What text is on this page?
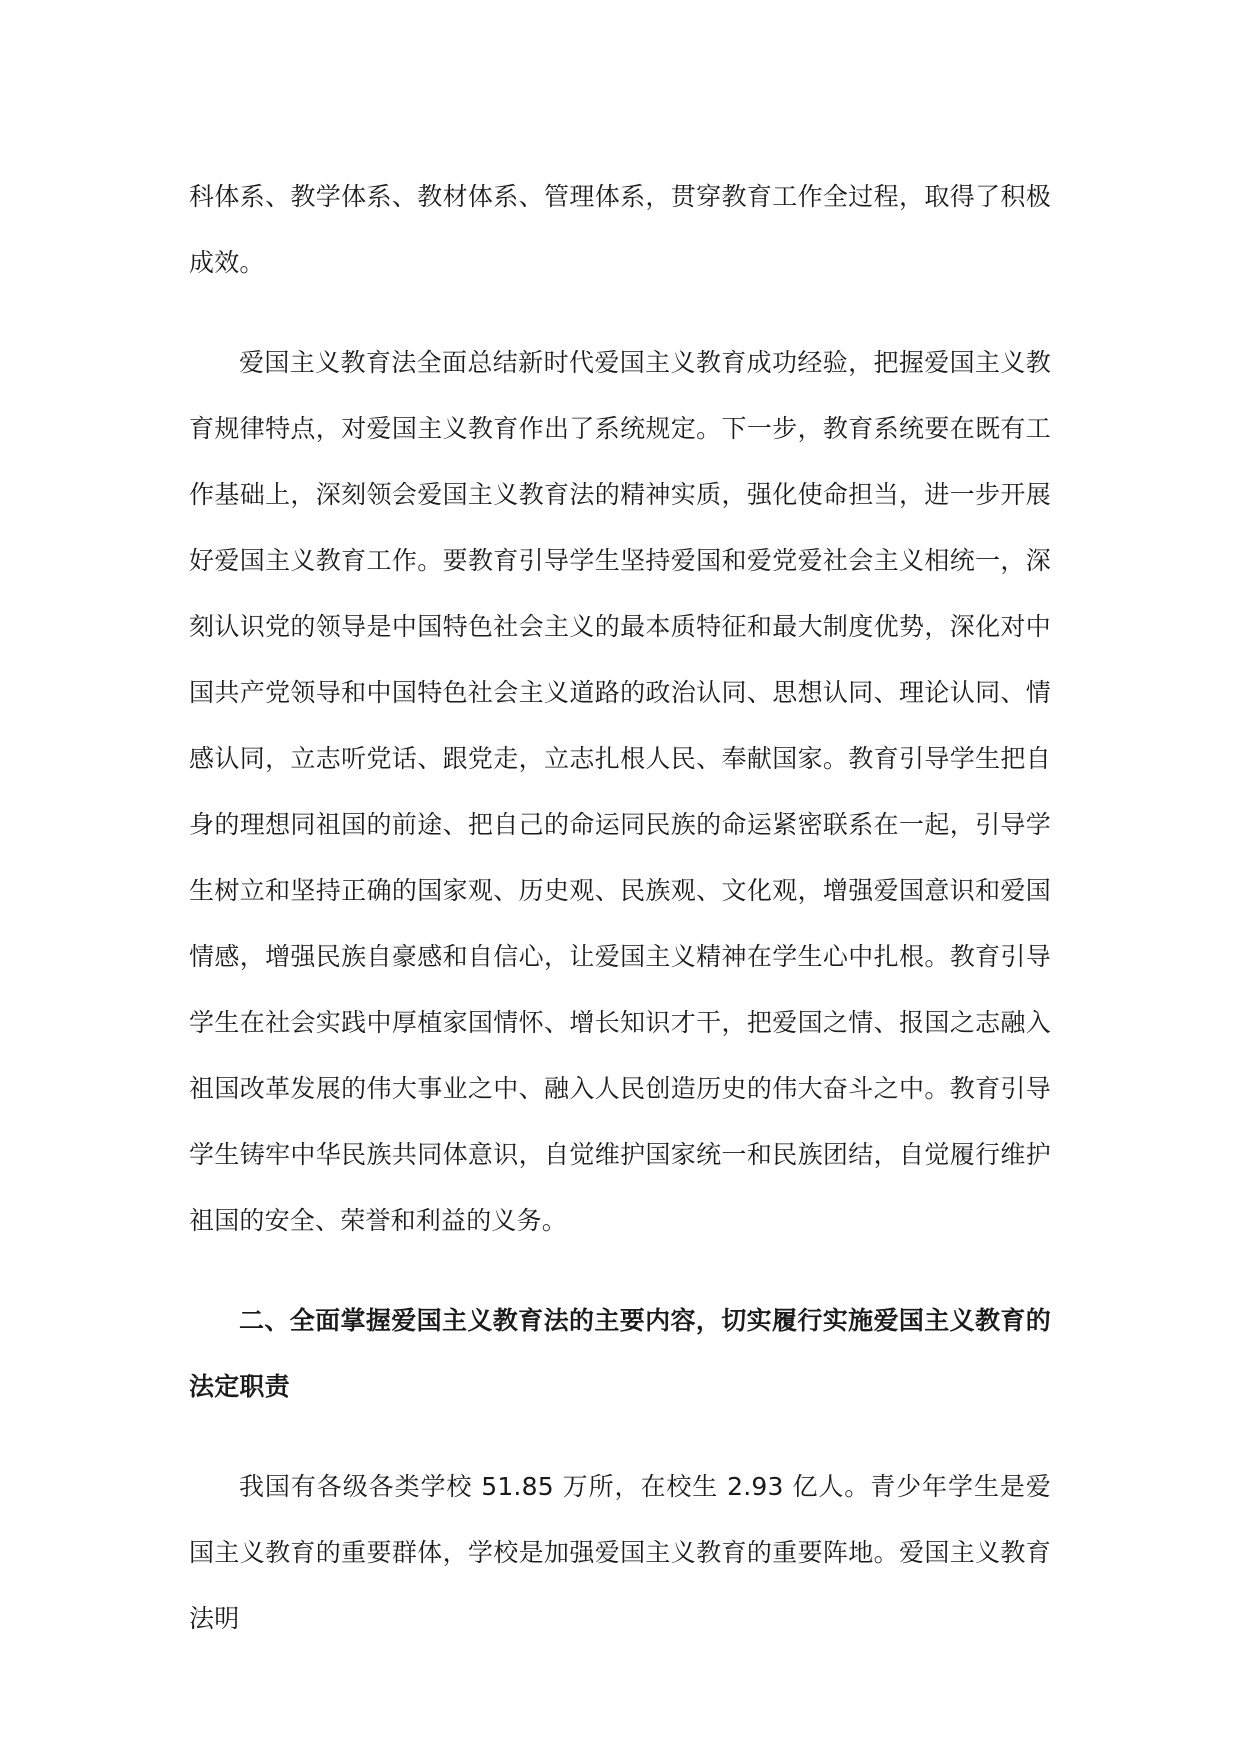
科体系、教学体系、教材体系、管理体系，贯穿教育工作全过程，取得了积极成效。

爱国主义教育法全面总结新时代爱国主义教育成功经验，把握爱国主义教育规律特点，对爱国主义教育作出了系统规定。下一步，教育系统要在既有工作基础上，深刻领会爱国主义教育法的精神实质，强化使命担当，进一步开展好爱国主义教育工作。要教育引导学生坚持爱国和爱党爱社会主义相统一，深刻认识党的领导是中国特色社会主义的最本质特征和最大制度优势，深化对中国共产党领导和中国特色社会主义道路的政治认同、思想认同、理论认同、情感认同，立志听党话、跟党走，立志扎根人民、奉献国家。教育引导学生把自身的理想同祖国的前途、把自己的命运同民族的命运紧密联系在一起，引导学生树立和坚持正确的国家观、历史观、民族观、文化观，增强爱国意识和爱国情感，增强民族自豪感和自信心，让爱国主义精神在学生心中扎根。教育引导学生在社会实践中厚植家国情怀、增长知识才干，把爱国之情、报国之志融入祖国改革发展的伟大事业之中、融入人民创造历史的伟大奋斗之中。教育引导学生铸牢中华民族共同体意识，自觉维护国家统一和民族团结，自觉履行维护祖国的安全、荣誉和利益的义务。

二、全面掌握爱国主义教育法的主要内容，切实履行实施爱国主义教育的法定职责

我国有各级各类学校 51.85 万所，在校生 2.93 亿人。青少年学生是爱国主义教育的重要群体，学校是加强爱国主义教育的重要阵地。爱国主义教育法明
